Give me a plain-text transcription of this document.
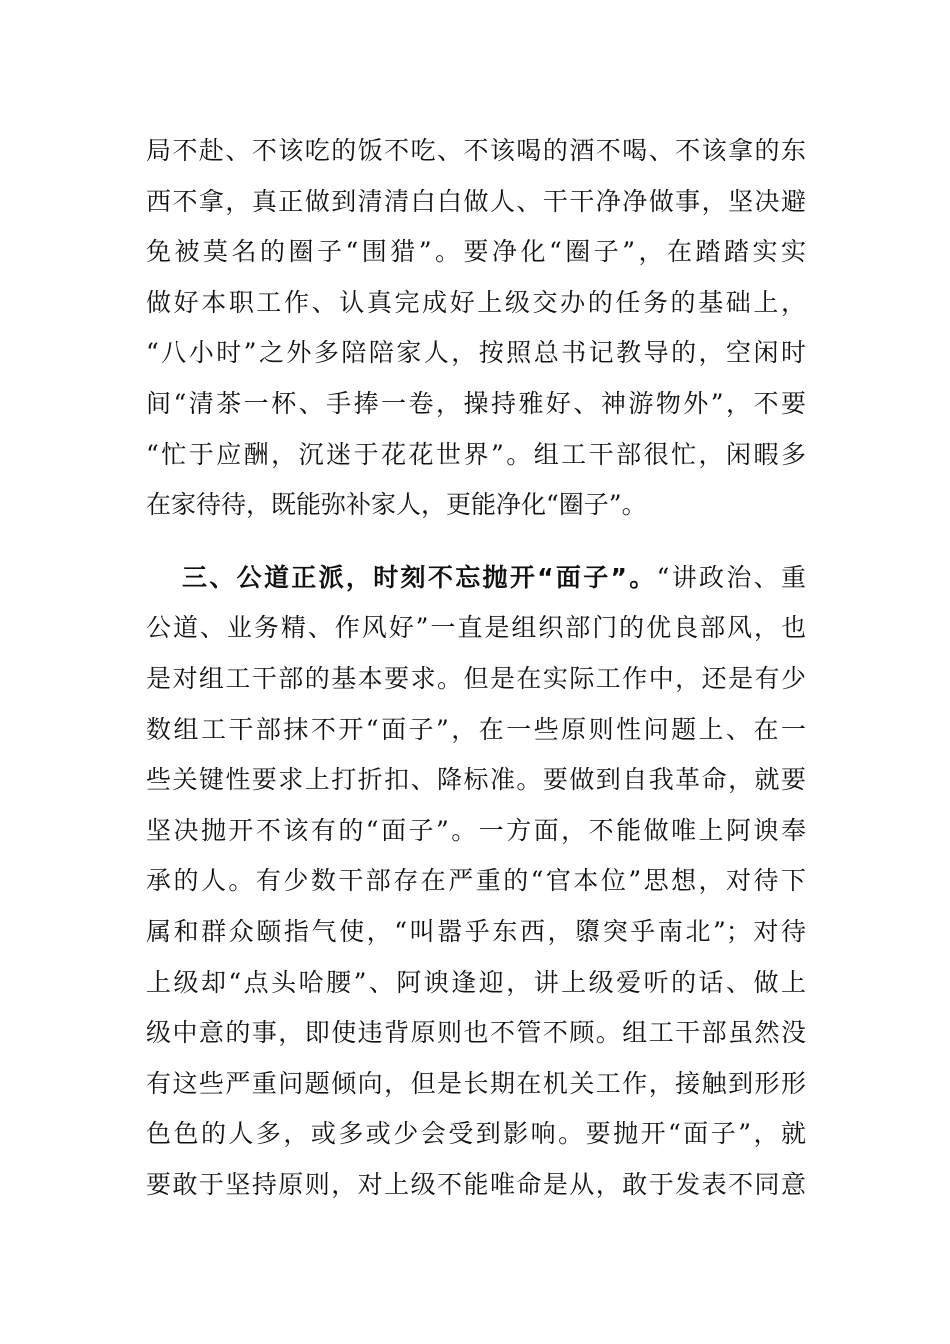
局不赴、不该吃的饭不吃、不该喝的酒不喝、不该拿的东
西不拿，真正做到清清白白做人、干干净净做事，坚决避
免被莫名的圈子“围猎”。要净化“圈子”，在踏踏实实
做好本职工作、认真完成好上级交办的任务的基础上，
“八小时”之外多陪陪家人，按照总书记教导的，空闲时
间“清茶一杯、手捧一卷，操持雅好、神游物外”，不要
“忙于应酬，沉迷于花花世界”。组工干部很忙，闲暇多
在家待待，既能弥补家人，更能净化“圈子”。
三、公道正派，时刻不忘抛开“面子”。“讲政治、重
公道、业务精、作风好”一直是组织部门的优良部风，也
是对组工干部的基本要求。但是在实际工作中，还是有少
数组工干部抹不开“面子”，在一些原则性问题上、在一
些关键性要求上打折扣、降标准。要做到自我革命，就要
坚决抛开不该有的“面子”。一方面，不能做唯上阿谀奉
承的人。有少数干部存在严重的“官本位”思想，对待下
属和群众颐指气使，“叫嚣乎东西，隳突乎南北”；对待
上级却“点头哈腰”、阿谀逢迎，讲上级爱听的话、做上
级中意的事，即使违背原则也不管不顾。组工干部虽然没
有这些严重问题倾向，但是长期在机关工作，接触到形形
色色的人多，或多或少会受到影响。要抛开“面子”，就
要敢于坚持原则，对上级不能唯命是从，敢于发表不同意
